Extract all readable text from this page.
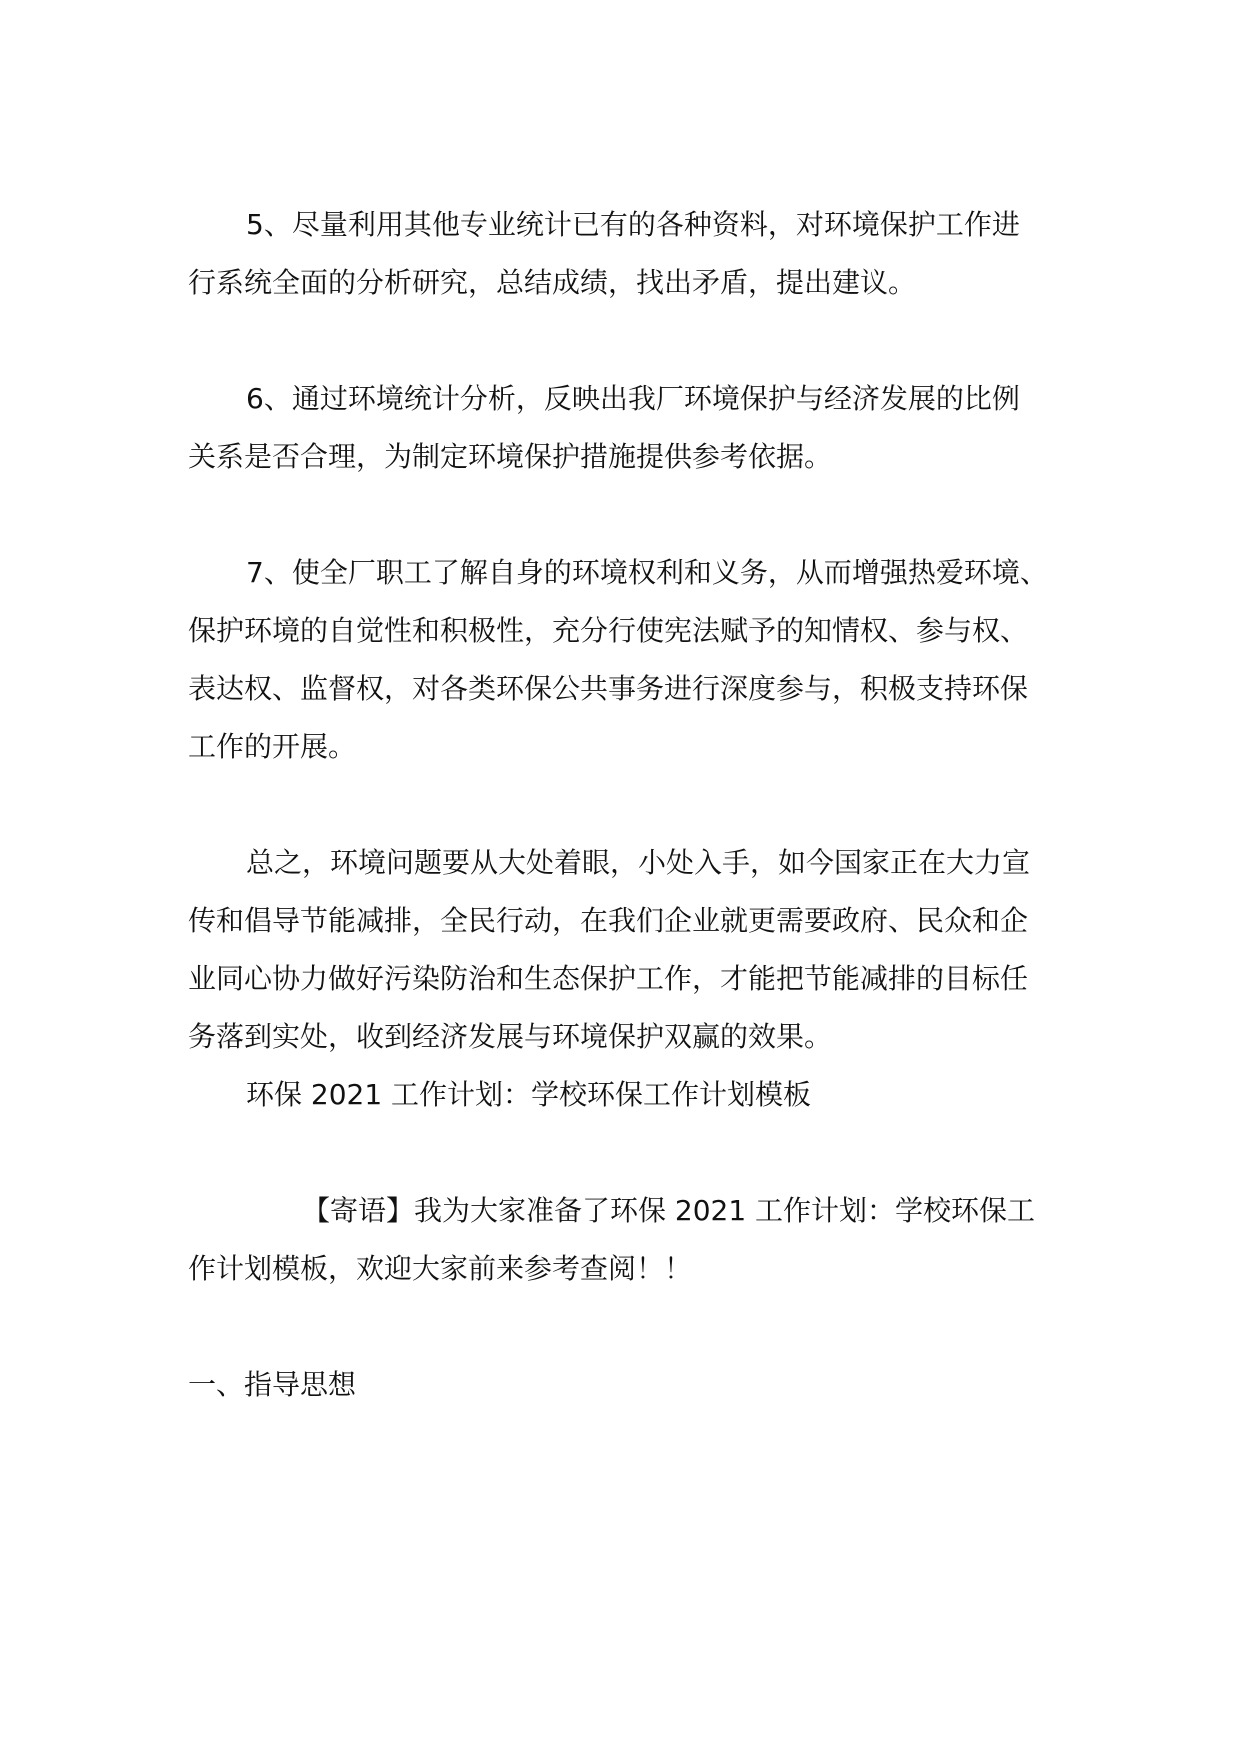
5、尽量利用其他专业统计已有的各种资料，对环境保护工作进
行系统全面的分析研究，总结成绩，找出矛盾，提出建议。
6、通过环境统计分析，反映出我厂环境保护与经济发展的比例
关系是否合理，为制定环境保护措施提供参考依据。
7、使全厂职工了解自身的环境权利和义务，从而增强热爱环境、
保护环境的自觉性和积极性，充分行使宪法赋予的知情权、参与权、
表达权、监督权，对各类环保公共事务进行深度参与，积极支持环保
工作的开展。
总之，环境问题要从大处着眼，小处入手，如今国家正在大力宣
传和倡导节能减排，全民行动，在我们企业就更需要政府、民众和企
业同心协力做好污染防治和生态保护工作，才能把节能减排的目标任
务落到实处，收到经济发展与环境保护双赢的效果。
环保 2021 工作计划：学校环保工作计划模板
【寄语】我为大家准备了环保 2021 工作计划：学校环保工
作计划模板，欢迎大家前来参考查阅！！
一、指导思想
